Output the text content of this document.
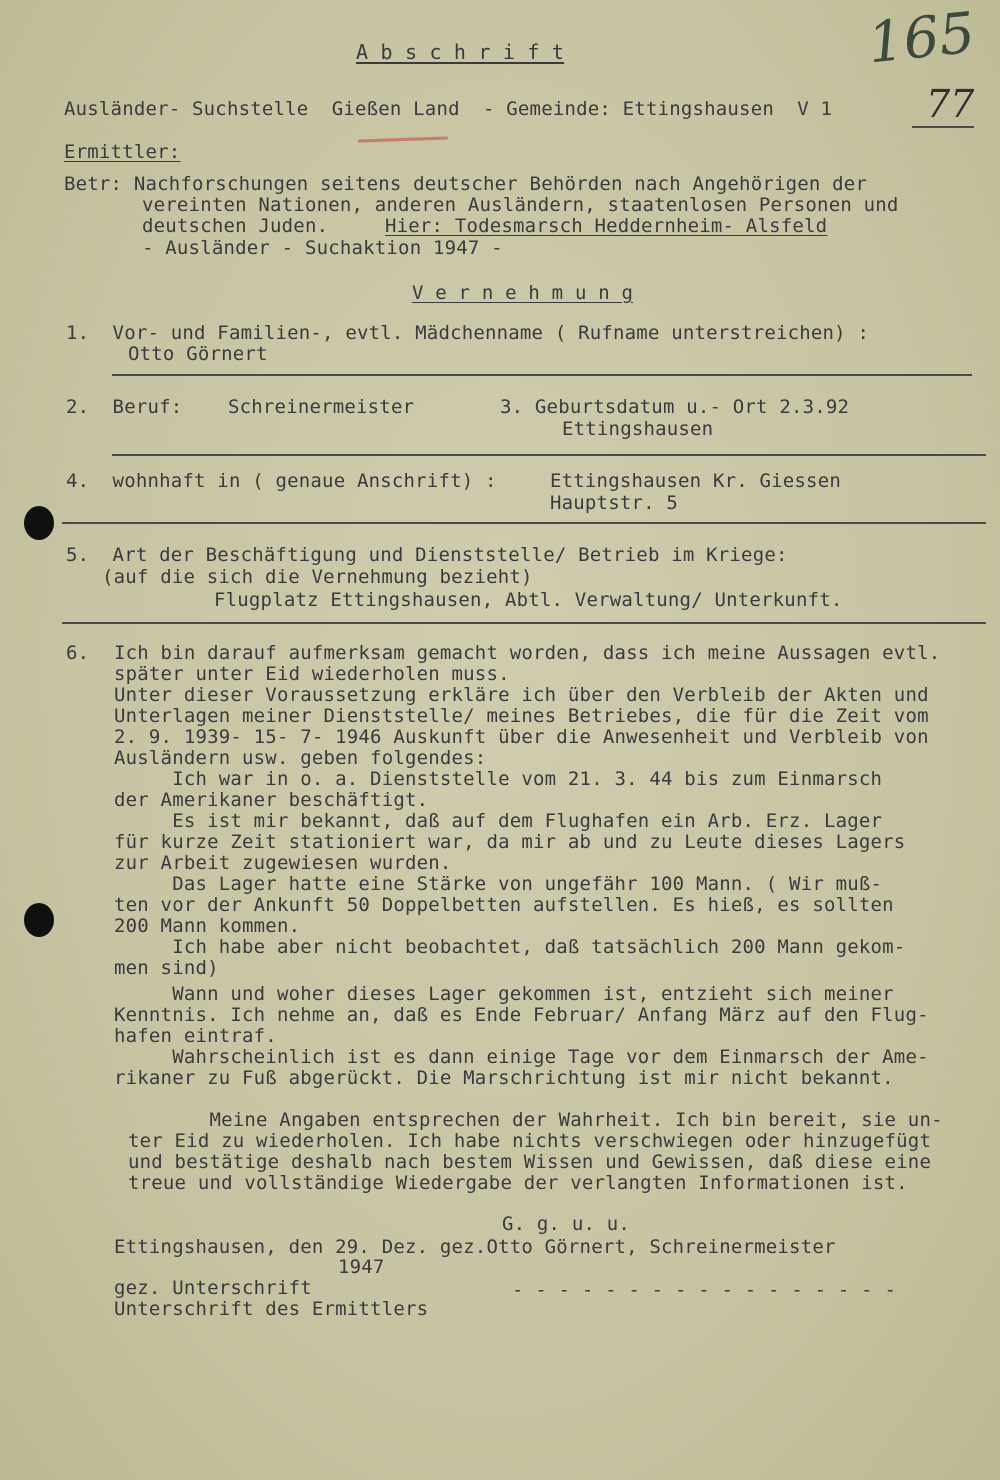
165
77
A b s c h r i f t
Ausländer- Suchstelle  Gießen Land  - Gemeinde: Ettingshausen  V 1
Ermittler:
Betr: Nachforschungen seitens deutscher Behörden nach Angehörigen der
vereinten Nationen, anderen Ausländern, staatenlosen Personen und
deutschen Juden.	Hier: Todesmarsch Heddernheim- Alsfeld
- Ausländer - Suchaktion 1947 -
V e r n e h m u n g
1.  Vor- und Familien-, evtl. Mädchenname ( Rufname unterstreichen) :
Otto Görnert
2.  Beruf: Schreinermeister	3. Geburtsdatum u.- Ort 2.3.92
Ettingshausen
4.  wohnhaft in ( genaue Anschrift) :	Ettingshausen Kr. Giessen
Hauptstr. 5
5.  Art der Beschäftigung und Dienststelle/ Betrieb im Kriege:
(auf die sich die Vernehmung bezieht)
Flugplatz Ettingshausen, Abtl. Verwaltung/ Unterkunft.
6. Ich bin darauf aufmerksam gemacht worden, dass ich meine Aussagen evtl.
später unter Eid wiederholen muss.
Unter dieser Voraussetzung erkläre ich über den Verbleib der Akten und
Unterlagen meiner Dienststelle/ meines Betriebes, die für die Zeit vom
2. 9. 1939- 15- 7- 1946 Auskunft über die Anwesenheit und Verbleib von
Ausländern usw. geben folgendes:
Ich war in o. a. Dienststelle vom 21. 3. 44 bis zum Einmarsch
der Amerikaner beschäftigt.
Es ist mir bekannt, daß auf dem Flughafen ein Arb. Erz. Lager
für kurze Zeit stationiert war, da mir ab und zu Leute dieses Lagers
zur Arbeit zugewiesen wurden.
Das Lager hatte eine Stärke von ungefähr 100 Mann. ( Wir muß-
ten vor der Ankunft 50 Doppelbetten aufstellen. Es hieß, es sollten
200 Mann kommen.
Ich habe aber nicht beobachtet, daß tatsächlich 200 Mann gekom-
men sind)
Wann und woher dieses Lager gekommen ist, entzieht sich meiner
Kenntnis. Ich nehme an, daß es Ende Februar/ Anfang März auf den Flug-
hafen eintraf.
Wahrscheinlich ist es dann einige Tage vor dem Einmarsch der Ame-
rikaner zu Fuß abgerückt. Die Marschrichtung ist mir nicht bekannt.
Meine Angaben entsprechen der Wahrheit. Ich bin bereit, sie un-
ter Eid zu wiederholen. Ich habe nichts verschwiegen oder hinzugefügt
und bestätige deshalb nach bestem Wissen und Gewissen, daß diese eine
treue und vollständige Wiedergabe der verlangten Informationen ist.
G. g. u. u.
Ettingshausen, den 29. Dez. gez.Otto Görnert, Schreinermeister
1947
gez. Unterschrift	- - - - - - - - - - - - - - - - -
Unterschrift des Ermittlers
